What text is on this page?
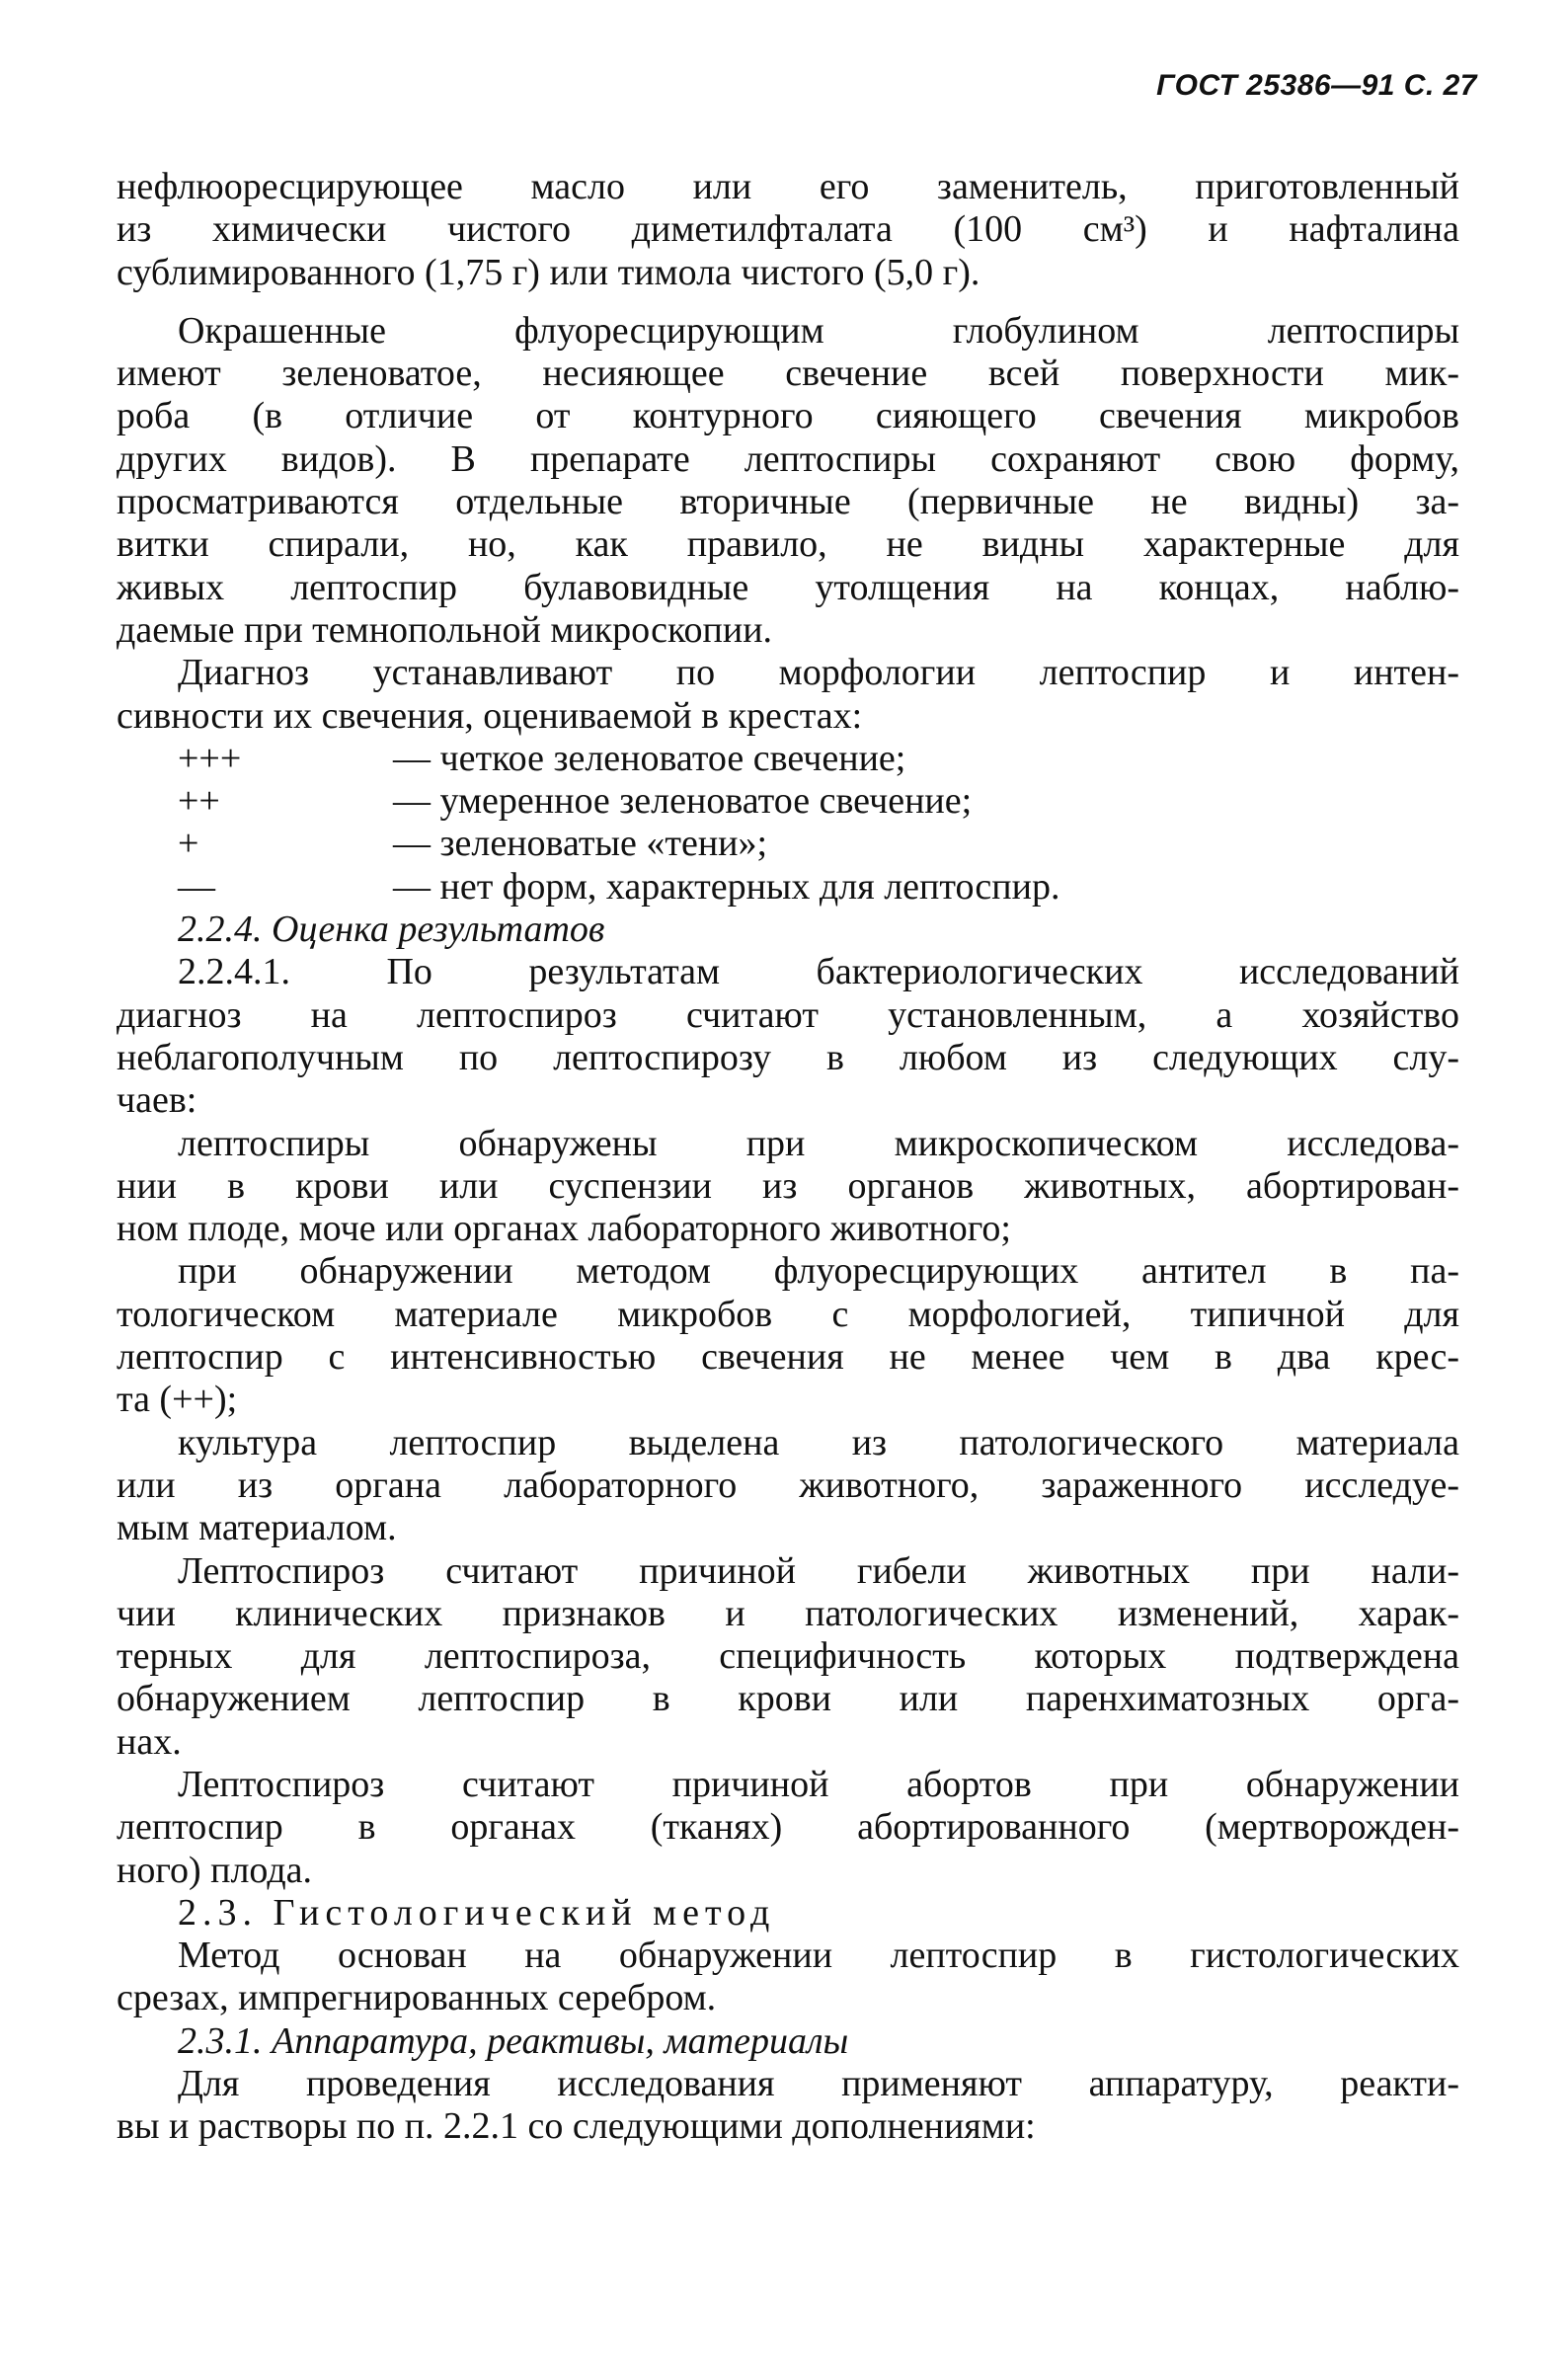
ГОСТ 25386—91 С. 27

нефлюоресцирующее масло или его заменитель, приготовленный
из химически чистого диметилфталата (100 см³) и нафталина
сублимированного (1,75 г) или тимола чистого (5,0 г).

Окрашенные флуоресцирующим глобулином лептоспиры
имеют зеленоватое, несияющее свечение всей поверхности мик-
роба (в отличие от контурного сияющего свечения микробов
других видов). В препарате лептоспиры сохраняют свою форму,
просматриваются отдельные вторичные (первичные не видны) за-
витки спирали, но, как правило, не видны характерные для
живых лептоспир булавовидные утолщения на концах, наблю-
даемые при темнопольной микроскопии.

Диагноз устанавливают по морфологии лептоспир и интен-
сивности их свечения, оцениваемой в крестах:

+++	— четкое зеленоватое свечение;
++	— умеренное зеленоватое свечение;
+	— зеленоватые «тени»;
—	— нет форм, характерных для лептоспир.

2.2.4. Оценка результатов

2.2.4.1. По результатам бактериологических исследований
диагноз на лептоспироз считают установленным, а хозяйство
неблагополучным по лептоспирозу в любом из следующих слу-
чаев:

лептоспиры обнаружены при микроскопическом исследова-
нии в крови или суспензии из органов животных, абортирован-
ном плоде, моче или органах лабораторного животного;

при обнаружении методом флуоресцирующих антител в па-
тологическом материале микробов с морфологией, типичной для
лептоспир с интенсивностью свечения не менее чем в два крес-
та (++);

культура лептоспир выделена из патологического материала
или из органа лабораторного животного, зараженного исследуе-
мым материалом.

Лептоспироз считают причиной гибели животных при нали-
чии клинических признаков и патологических изменений, харак-
терных для лептоспироза, специфичность которых подтверждена
обнаружением лептоспир в крови или паренхиматозных орга-
нах.

Лептоспироз считают причиной абортов при обнаружении
лептоспир в органах (тканях) абортированного (мертворожден-
ного) плода.

2.3. Гистологический метод

Метод основан на обнаружении лептоспир в гистологических
срезах, импрегнированных серебром.

2.3.1. Аппаратура, реактивы, материалы

Для проведения исследования применяют аппаратуру, реакти-
вы и растворы по п. 2.2.1 со следующими дополнениями:
